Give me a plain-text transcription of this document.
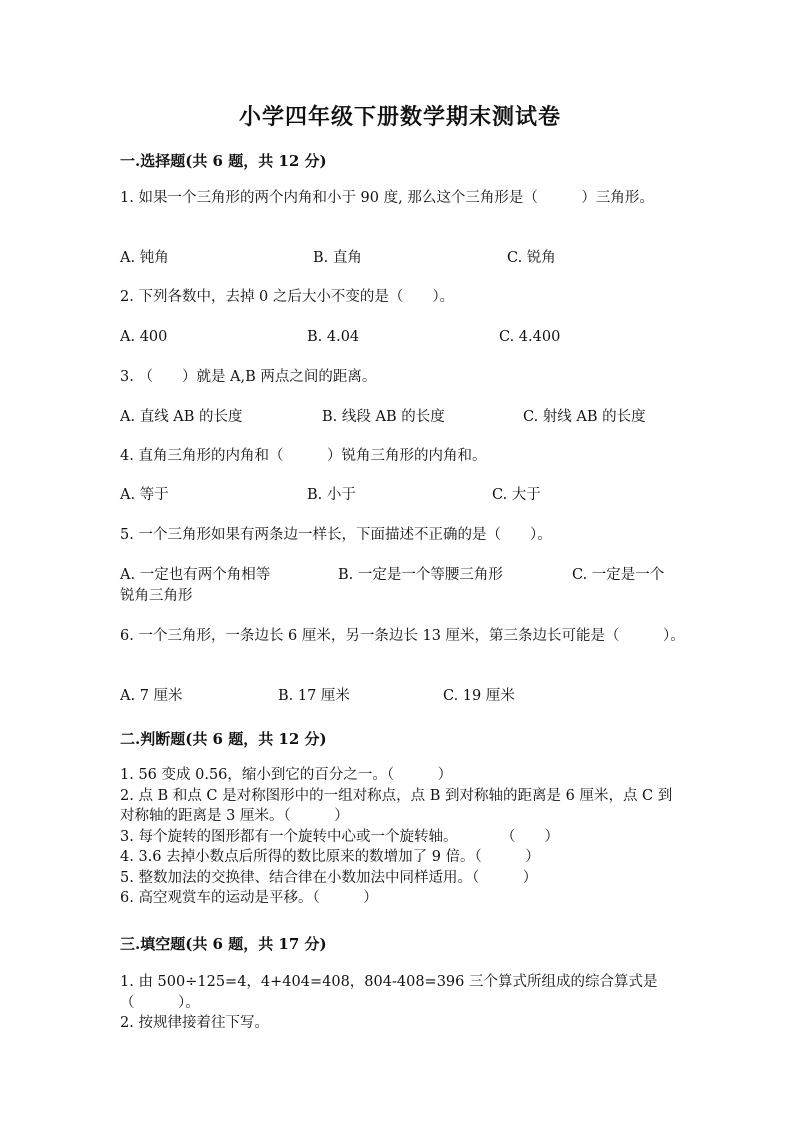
小学四年级下册数学期末测试卷
一.选择题(共 6 题，共 12 分)
1. 如果一个三角形的两个内角和小于 90 度, 那么这个三角形是（　　　）三角形。
A. 钝角	B. 直角	C. 锐角
2. 下列各数中，去掉 0 之后大小不变的是（　　）。
A. 400	B. 4.04	C. 4.400
3. （　　）就是 A,B 两点之间的距离。
A. 直线 AB 的长度	B. 线段 AB 的长度	C. 射线 AB 的长度
4. 直角三角形的内角和（　　　）锐角三角形的内角和。
A. 等于	B. 小于	C. 大于
5. 一个三角形如果有两条边一样长，下面描述不正确的是（　　）。
A. 一定也有两个角相等	B. 一定是一个等腰三角形	C. 一定是一个
锐角三角形
6. 一个三角形，一条边长 6 厘米，另一条边长 13 厘米，第三条边长可能是（　　　）。
A. 7 厘米	B. 17 厘米	C. 19 厘米
二.判断题(共 6 题，共 12 分)
1. 56 变成 0.56，缩小到它的百分之一。（　　　）
2. 点 B 和点 C 是对称图形中的一组对称点，点 B 到对称轴的距离是 6 厘米，点 C 到对称轴的距离是 3 厘米。（　　　）
3. 每个旋转的图形都有一个旋转中心或一个旋转轴。　　　　（　　）
4. 3.6 去掉小数点后所得的数比原来的数增加了 9 倍。（　　　）
5. 整数加法的交换律、结合律在小数加法中同样适用。（　　　）
6. 高空观赏车的运动是平移。（　　　）
三.填空题(共 6 题，共 17 分)
1. 由 500÷125=4，4+404=408，804-408=396 三个算式所组成的综合算式是（　　　）。
2. 按规律接着往下写。
